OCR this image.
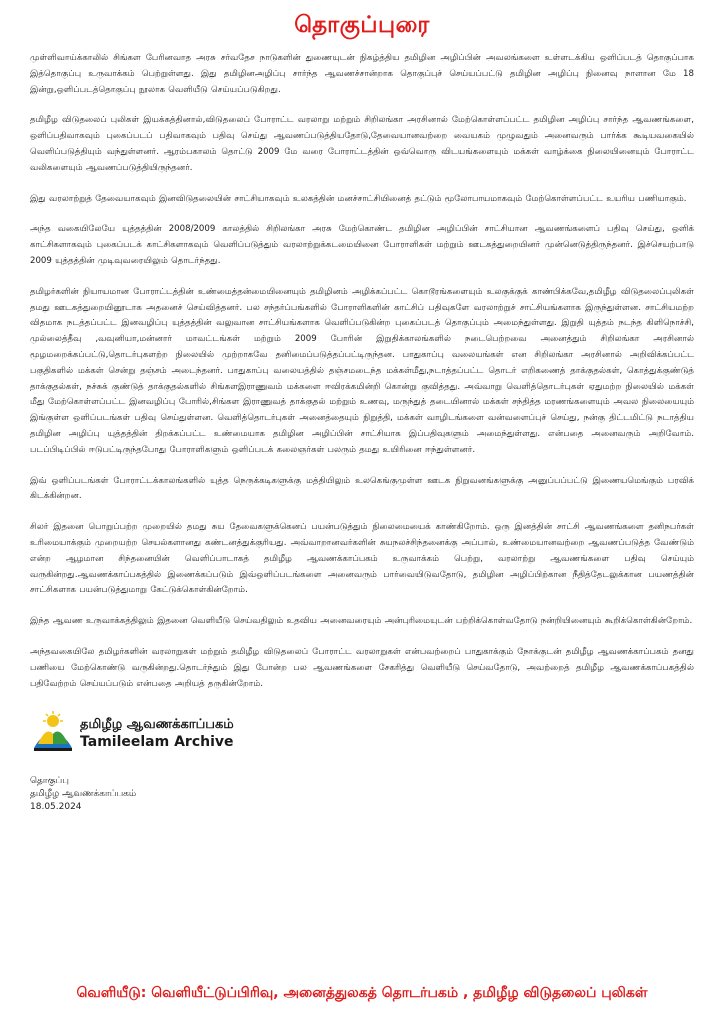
தொகுப்புரை

முள்ளிவாய்க்காலில் சிங்கள பேரினவாத அரசு சர்வதேச நாடுகளின் துணையுடன் நிகழ்த்திய தமிழின அழிப்பின் அவலங்களை உள்ளடக்கிய ஒளிப்படத் தொகுப்பாக இத்தொகுப்பு உருவாக்கம் பெற்றுள்ளது. இது தமிழினஅழிப்பு சார்ந்த ஆவணச்சான்றாக தொகுப்புச் செய்யப்பட்டு தமிழின அழிப்பு நினைவு நாளான மே 18 இன்று,ஒளிப்படத்தொகுப்பு நூலாக வெளியீடு செய்யப்படுகிறது.

தமிழீழ விடுதலைப் புலிகள் இயக்கத்தினால்,விடுதலைப் போராட்ட வரலாறு மற்றும் சிறிலங்கா அரசினால் மேற்கொள்ளப்பட்ட தமிழின அழிப்பு சார்ந்த ஆவணங்களை, ஒளிப்பதிவாகவும் புகைப்படப் பதிவாகவும் பதிவு செய்து ஆவணப்படுத்தியதோடு,தேவையானவற்றை வையகம் முழுவதும் அனைவரும் பார்க்க கூடியவகையில் வெளிப்படுத்தியும் வந்துள்ளனர். ஆரம்பகாலம் தொட்டு 2009 மே வரை போராட்டத்தின் ஒவ்வொரு விடயங்களையும் மக்கள் வாழ்க்கை நிலையினையும் போராட்ட வலிகளையும் ஆவணப்படுத்தியிருந்தனர்.

இது வரலாற்றுத் தேவையாகவும் இனவிடுதலையின் சாட்சியாகவும் உலகத்தின் மனச்சாட்சியினைத் தட்டும் மூலோபாயமாகவும் மேற்கொள்ளப்பட்ட உயரிய பணியாகும்.

அந்த வகையிலேயே யுத்தத்தின் 2008/2009 காலத்தில் சிறிலங்கா அரசு மேற்கொண்ட தமிழின அழிப்பின் சாட்சியான ஆவணங்களைப் பதிவு செய்து, ஒளிக் காட்சிகளாகவும் புகைப்படக் காட்சிகளாகவும் வெளிப்படுத்தும் வரலாற்றுக்கடமையினை போராளிகள் மற்றும் ஊடகத்துறையினர் முன்னெடுத்திருந்தனர். இச்செயற்பாடு 2009 யுத்தத்தின் முடிவுவரையிலும் தொடர்ந்தது.

தமிழர்களின் நியாயமான போராட்டத்தின் உண்மைத்தன்மையினையும் தமிழினம் அழிக்கப்பட்ட கொடூரங்களையும் உலகுக்குக் காண்பிக்கவே,தமிழீழ விடுதலைப்புலிகள் தமது ஊடகத்துறையினூடாக அதனைச் செய்வித்தனர். பல சந்தர்ப்பங்களில் போராளிகளின் காட்சிப் பதிவுகளே வரலாற்றுச் சாட்சியங்களாக இருந்துள்ளன. சாட்சியமற்ற விதமாக நடத்தப்பட்ட இனவழிப்பு யுத்தத்தின் வலுவான சாட்சியங்களாக வெளிப்படுகின்ற புகைப்படத் தொகுப்பும் அமைந்துள்ளது. இறுதி யுத்தம் நடந்த கிளிநொச்சி, முல்லைத்தீவு ,வவுனியா,மன்னார் மாவட்டங்கள் மற்றும் 2009 போரின் இறுதிக்காலங்களில் நடைபெற்றவை அனைத்தும் சிறிலங்கா அரசினால் மூழமறைக்கப்பட்டு,தொடர்புகளற்ற நிலையில் முற்றாகவே தனிமைப்படுத்தப்பட்டிருந்தன. பாதுகாப்பு வலையங்கள் என சிறிலங்கா அரசினால் அறிவிக்கப்பட்ட பகுதிகளில் மக்கள் சென்று தஞ்சம் அடைந்தனர். பாதுகாப்பு வலையத்தில் தஞ்சமடைந்த மக்கள்மீது,நடாத்தப்பட்ட தொடர் எறிகணைத் தாக்குதல்கள், கொத்துக்குண்டுத் தாக்குதல்கள், நச்சுக் குண்டுத் தாக்குதல்களில் சிங்களஇராணுவம் மக்களை ஈவிரக்கமின்றி கொன்று குவித்தது. அவ்வாறு வெளித்தொடர்புகள் ஏதுமற்ற நிலையில் மக்கள் மீது மேற்கொள்ளப்பட்ட இனவழிப்பு போரில்,சிங்கள இராணுவத் தாக்குதல் மற்றும் உணவு, மருந்துத் தடையினால் மக்கள் சந்தித்த மரணங்களையும் அவல நிலையையும் இங்குள்ள ஒளிப்படங்கள் பதிவு செய்துள்ளன. வெளித்தொடர்புகள் அனைத்தையும் நிறுத்தி, மக்கள் வாழிடங்களை வன்வளைப்புச் செய்து, நன்கு திட்டமிட்டு நடாத்திய தமிழின அழிப்பு யுத்தத்தின் திறக்கப்பட்ட உண்மையாக தமிழின அழிப்பின் சாட்சியாக இப்பதிவுகளும் அமைந்துள்ளது. என்பதை அனைவரும் அறிவோம். படப்பிடிப்பில் ஈடுபட்டிருந்தபோது போராளிகளும் ஒளிப்படக் கலைஞர்கள் பலரும் தமது உயிரினை ஈந்துள்ளனர்.

இவ் ஒளிப்படங்கள் போராட்டக்காலங்களில் யுத்த நெருக்கடிகளுக்கு மத்தியிலும் உலகெங்குமுள்ள ஊடக நிறுவனங்களுக்கு அனுப்பப்பட்டு இணையமெங்கும் பரவிக் கிடக்கின்றன.

சிலர் இதனை பொறுப்பற்ற முறையில் தமது சுய தேவைகளுக்கெனப் பயன்படுத்தும் நிலைமையைக் காண்கிறோம். ஒரு இனத்தின் சாட்சி ஆவணங்களை தனிநபர்கள் உரிமையாக்கும் முறையற்ற செயல்களானது கண்டனத்துக்குரியது. அவ்வாறானவர்களின் சுயநலச்சிந்தனைக்கு அப்பால், உண்மையானவற்றை ஆவணப்படுத்த வேண்டும் என்ற ஆழமான சிந்தனையின் வெளிப்பாடாகத் தமிழீழ ஆவணக்காப்பகம் உருவாக்கம் பெற்று, வரலாற்று ஆவணங்களை பதிவு செய்யும் வருகின்றது.ஆவணக்காப்பகத்தில் இணைக்கப்படும் இவ்ஒளிப்படங்களை அனைவரும் பார்வையிடுவதோடு, தமிழின அழிப்பிற்கான நீதித்தேடலுக்கான பயணத்தின் சாட்சிகளாக பயன்படுத்துமாறு கேட்டுக்கொள்கின்றோம்.

இந்த ஆவண உருவாக்கத்திலும் இதனை வெளியீடு செய்வதிலும் உதவிய அனைவரையும் அன்புரிமையுடன் பற்றிக்கொள்வதோடு நன்றியினையும் கூறிக்கொள்கின்றோம்.

அந்தவகையிலே தமிழர்களின் வரலாறுகள் மற்றும் தமிழீழ விடுதலைப் போராட்ட வரலாறுகள் என்பவற்றைப் பாதுகாக்கும் நோக்குடன் தமிழீழ ஆவணக்காப்பகம் தனது பணியை மேற்கொண்டு வருகின்றது.தொடர்ந்தும் இது போன்ற பல ஆவணங்களை சேகரித்து வெளியீடு செய்வதோடு, அவற்றைத் தமிழீழ ஆவணக்காப்பகத்தில் பதிவேற்றம் செய்யப்படும் என்பதை அறியத் தருகின்றோம்.

தமிழீழ ஆவணக்காப்பகம்
Tamileelam Archive
தொகுப்பு
தமிழீழ ஆவணக்காப்பகம்
18.05.2024
வெளியீடு: வெளியீட்டுப்பிரிவு, அனைத்துலகத் தொடர்பகம் , தமிழீழ விடுதலைப் புலிகள்
